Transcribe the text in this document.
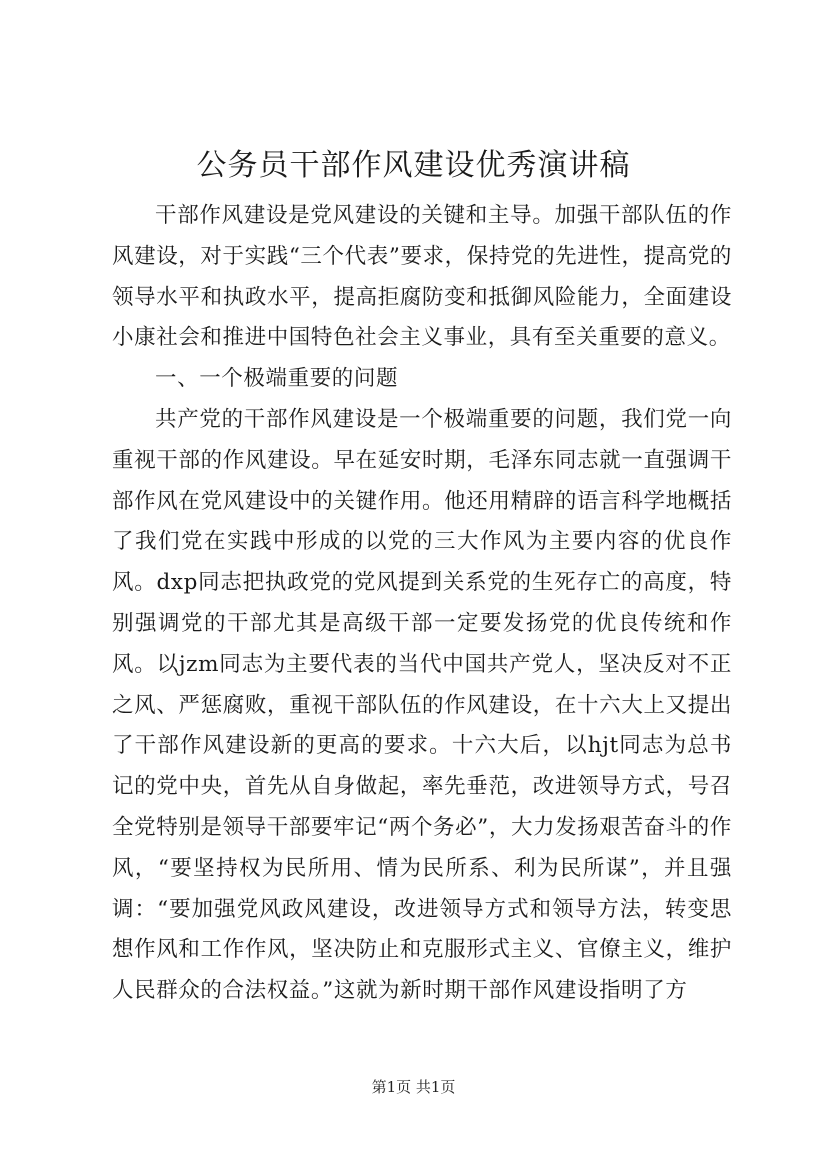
公务员干部作风建设优秀演讲稿

干部作风建设是党风建设的关键和主导。加强干部队伍的作风建设，对于实践“三个代表”要求，保持党的先进性，提高党的领导水平和执政水平，提高拒腐防变和抵御风险能力，全面建设小康社会和推进中国特色社会主义事业，具有至关重要的意义。

一、一个极端重要的问题

共产党的干部作风建设是一个极端重要的问题，我们党一向重视干部的作风建设。早在延安时期，毛泽东同志就一直强调干部作风在党风建设中的关键作用。他还用精辟的语言科学地概括了我们党在实践中形成的以党的三大作风为主要内容的优良作风。dxp同志把执政党的党风提到关系党的生死存亡的高度，特别强调党的干部尤其是高级干部一定要发扬党的优良传统和作风。以jzm同志为主要代表的当代中国共产党人，坚决反对不正之风、严惩腐败，重视干部队伍的作风建设，在十六大上又提出了干部作风建设新的更高的要求。十六大后，以hjt同志为总书记的党中央，首先从自身做起，率先垂范，改进领导方式，号召全党特别是领导干部要牢记“两个务必”，大力发扬艰苦奋斗的作风，“要坚持权为民所用、情为民所系、利为民所谋”，并且强调：“要加强党风政风建设，改进领导方式和领导方法，转变思想作风和工作作风，坚决防止和克服形式主义、官僚主义，维护人民群众的合法权益。”这就为新时期干部作风建设指明了方

第1页 共1页
